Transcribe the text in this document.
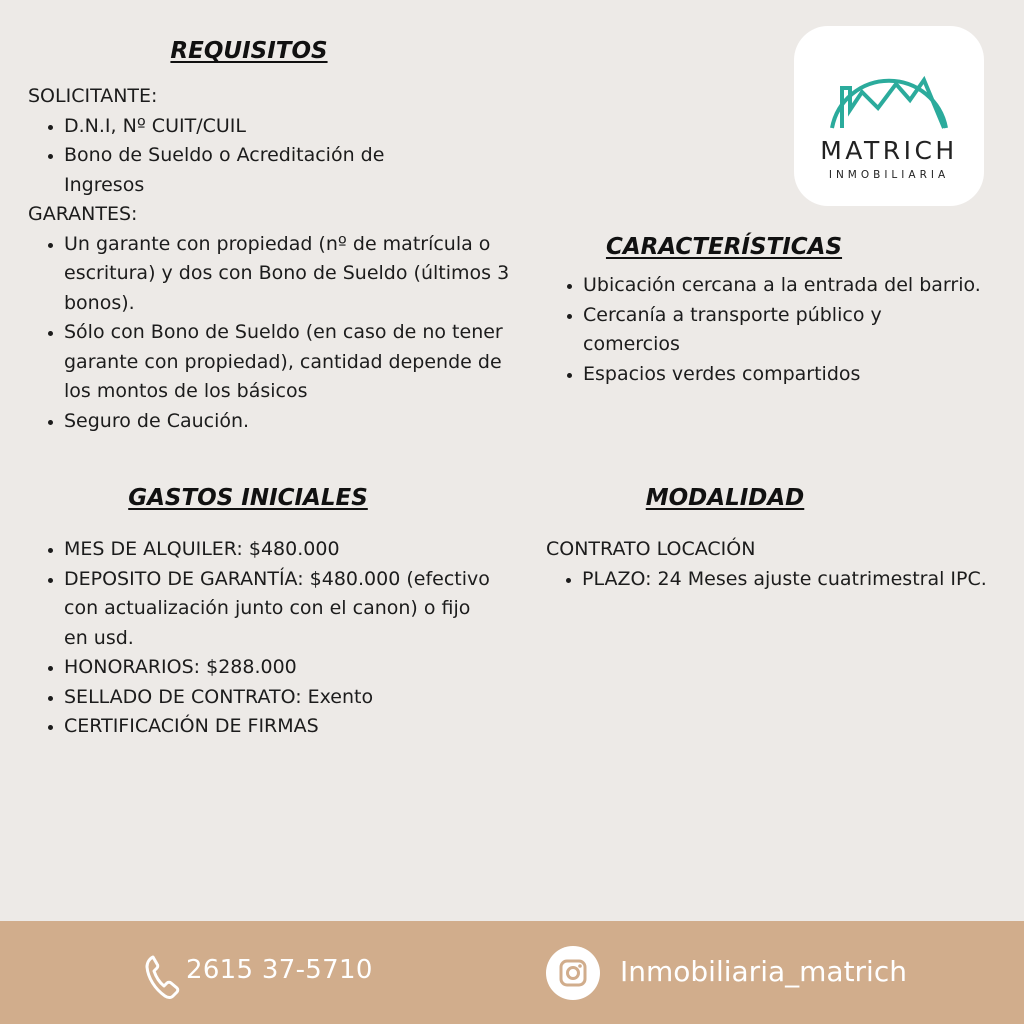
MATRICH
INMOBILIARIA
REQUISITOS
SOLICITANTE:
• D.N.I, Nº CUIT/CUIL
• Bono de Sueldo o Acreditación de Ingresos
GARANTES:
• Un garante con propiedad (nº de matrícula o escritura) y dos con Bono de Sueldo (últimos 3 bonos).
• Sólo con Bono de Sueldo (en caso de no tener garante con propiedad), cantidad depende de los montos de los básicos
• Seguro de Caución.
CARACTERÍSTICAS
• Ubicación cercana a la entrada del barrio.
• Cercanía a transporte público y comercios
• Espacios verdes compartidos
GASTOS INICIALES
• MES DE ALQUILER: $480.000
• DEPOSITO DE GARANTÍA: $480.000 (efectivo con actualización junto con el canon) o fijo en usd.
• HONORARIOS: $288.000
• SELLADO DE CONTRATO: Exento
• CERTIFICACIÓN DE FIRMAS
MODALIDAD
CONTRATO LOCACIÓN
• PLAZO: 24 Meses ajuste cuatrimestral IPC.
2615 37-5710	Inmobiliaria_matrich
